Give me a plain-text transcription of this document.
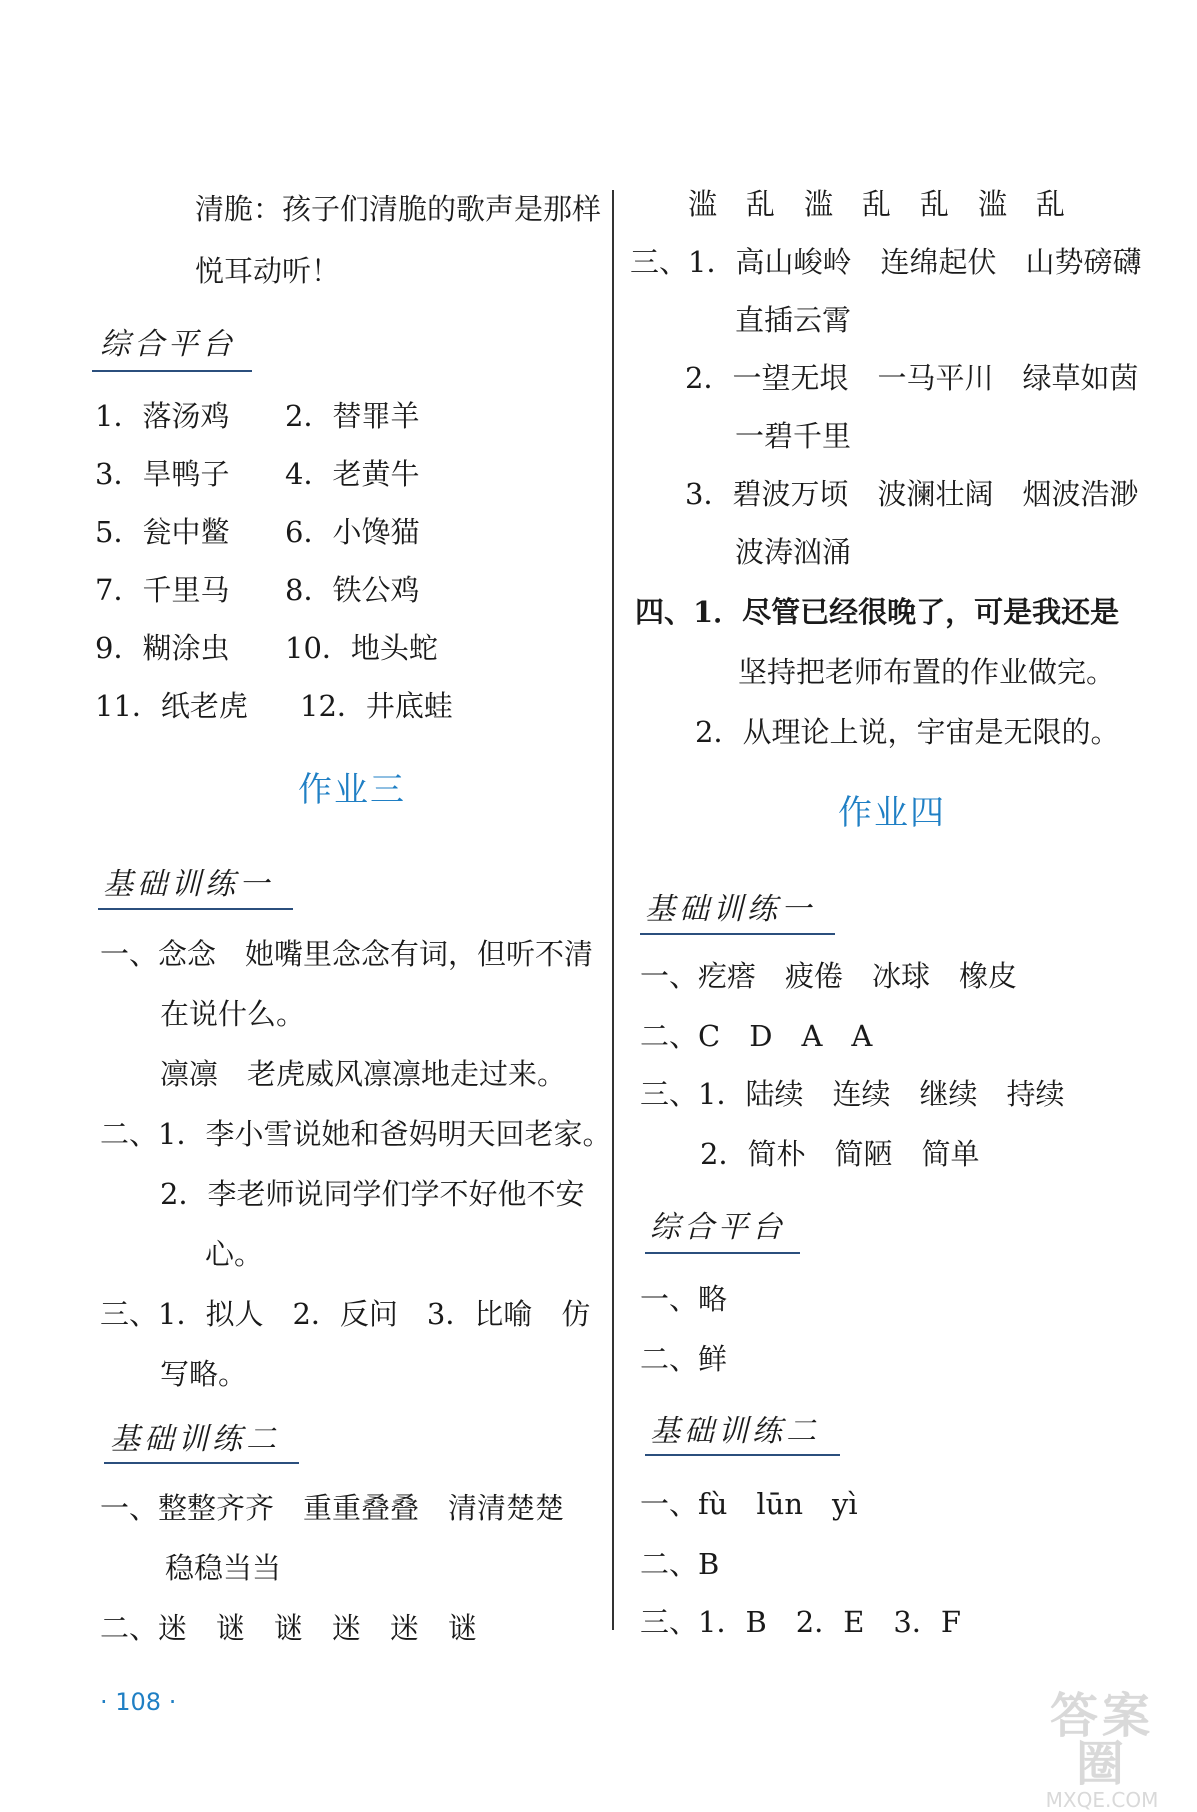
清脆：孩子们清脆的歌声是那样
悦耳动听！
综合平台
1．落汤鸡 2．替罪羊
3．旱鸭子 4．老黄牛
5．瓮中鳖 6．小馋猫
7．千里马 8．铁公鸡
9．糊涂虫 10．地头蛇
11．纸老虎 12．井底蛙
作业三
基础训练一
一、念念　她嘴里念念有词，但听不清
在说什么。
凛凛　老虎威风凛凛地走过来。
二、1．李小雪说她和爸妈明天回老家。
2．李老师说同学们学不好他不安
心。
三、1．拟人　2．反问　3．比喻　仿
写略。
基础训练二
一、整整齐齐　重重叠叠　清清楚楚
稳稳当当
二、迷　谜　谜　迷　迷　谜
滥　乱　滥　乱　乱　滥　乱
三、1．高山峻岭　连绵起伏　山势磅礴
直插云霄
2．一望无垠　一马平川　绿草如茵
一碧千里
3．碧波万顷　波澜壮阔　烟波浩渺
波涛汹涌
四、1．尽管已经很晚了，可是我还是
坚持把老师布置的作业做完。
2．从理论上说，宇宙是无限的。
作业四
基础训练一
一、疙瘩　疲倦　冰球　橡皮
二、C　D　A　A
三、1．陆续　连续　继续　持续
2．简朴　简陋　简单
综合平台
一、略
二、鲜
基础训练二
一、fù　lūn　yì
二、B
三、1．B　2．E　3．F
· 108 ·	答案圈
MXQE.COM
